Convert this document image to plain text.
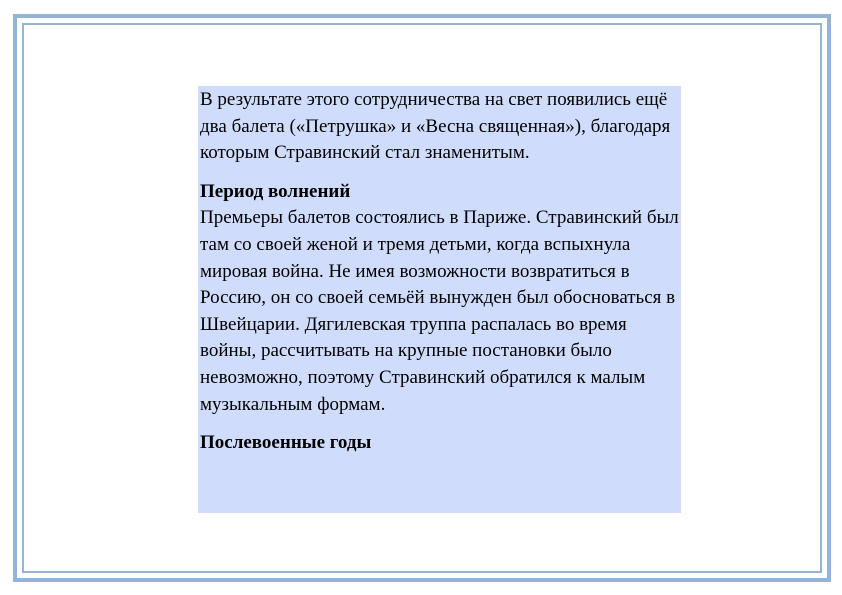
В результате этого сотрудничества на свет появились ещё два балета («Петрушка» и «Весна священная»), благодаря которым Стравинский стал знаменитым.

Период волнений

Премьеры балетов состоялись в Париже. Стравинский был там со своей женой и тремя детьми, когда вспыхнула мировая война. Не имея возможности возвратиться в Россию, он со своей семьёй вынужден был обосноваться в Швейцарии. Дягилевская труппа распалась во время войны, рассчитывать на крупные постановки было невозможно, поэтому Стравинский обратился к малым музыкальным формам.

Послевоенные годы
